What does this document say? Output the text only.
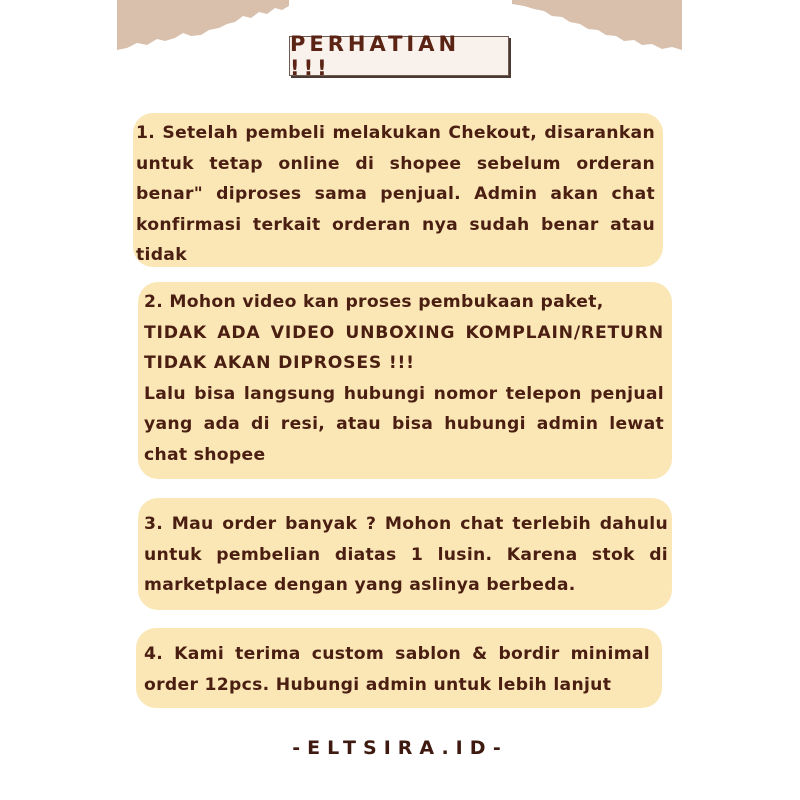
PERHATIAN !!!

1. Setelah pembeli melakukan Chekout, disarankan untuk tetap online di shopee sebelum orderan benar" diproses sama penjual. Admin akan chat konfirmasi terkait orderan nya sudah benar atau tidak

2. Mohon video kan proses pembukaan paket,

TIDAK ADA VIDEO UNBOXING KOMPLAIN/RETURN TIDAK AKAN DIPROSES !!!

Lalu bisa langsung hubungi nomor telepon penjual yang ada di resi, atau bisa hubungi admin lewat chat shopee

3. Mau order banyak ? Mohon chat terlebih dahulu untuk pembelian diatas 1 lusin. Karena stok di marketplace dengan yang aslinya berbeda.

4. Kami terima custom sablon & bordir minimal order 12pcs. Hubungi admin untuk lebih lanjut

-ELTSIRA.ID-
